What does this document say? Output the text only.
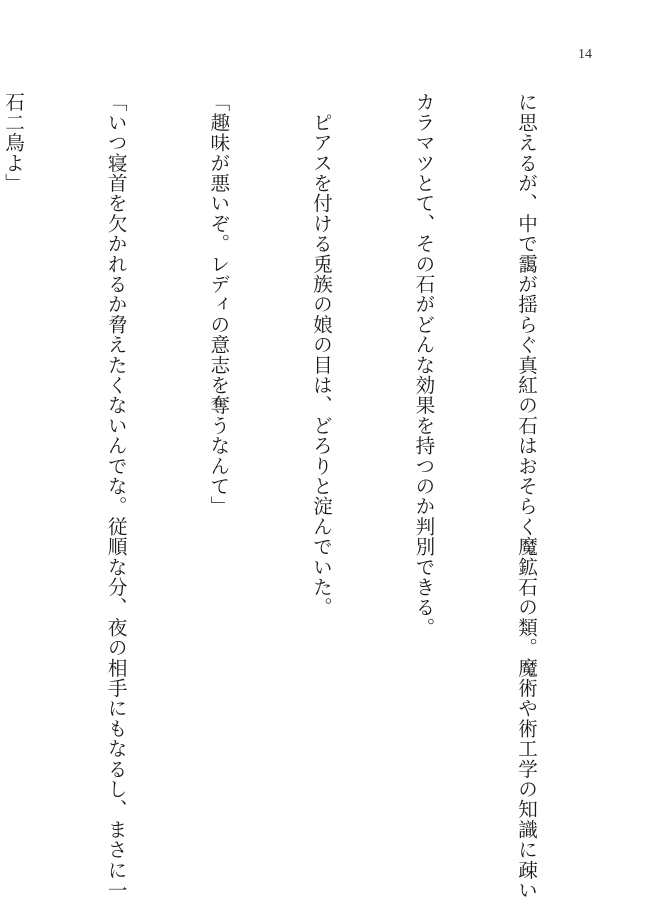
14

に思えるが、中で靄が揺らぐ真紅の石はおそらく魔鉱石の類。魔術や術工学の知識に疎い

カラマツとて、その石がどんな効果を持つのか判別できる。

　ピアスを付ける兎族の娘の目は、どろりと淀んでいた。

「趣味が悪いぞ。レディの意志を奪うなんて」

「いつ寝首を欠かれるか脅えたくないんでな。従順な分、夜の相手にもなるし、まさに一

石二鳥よ」
